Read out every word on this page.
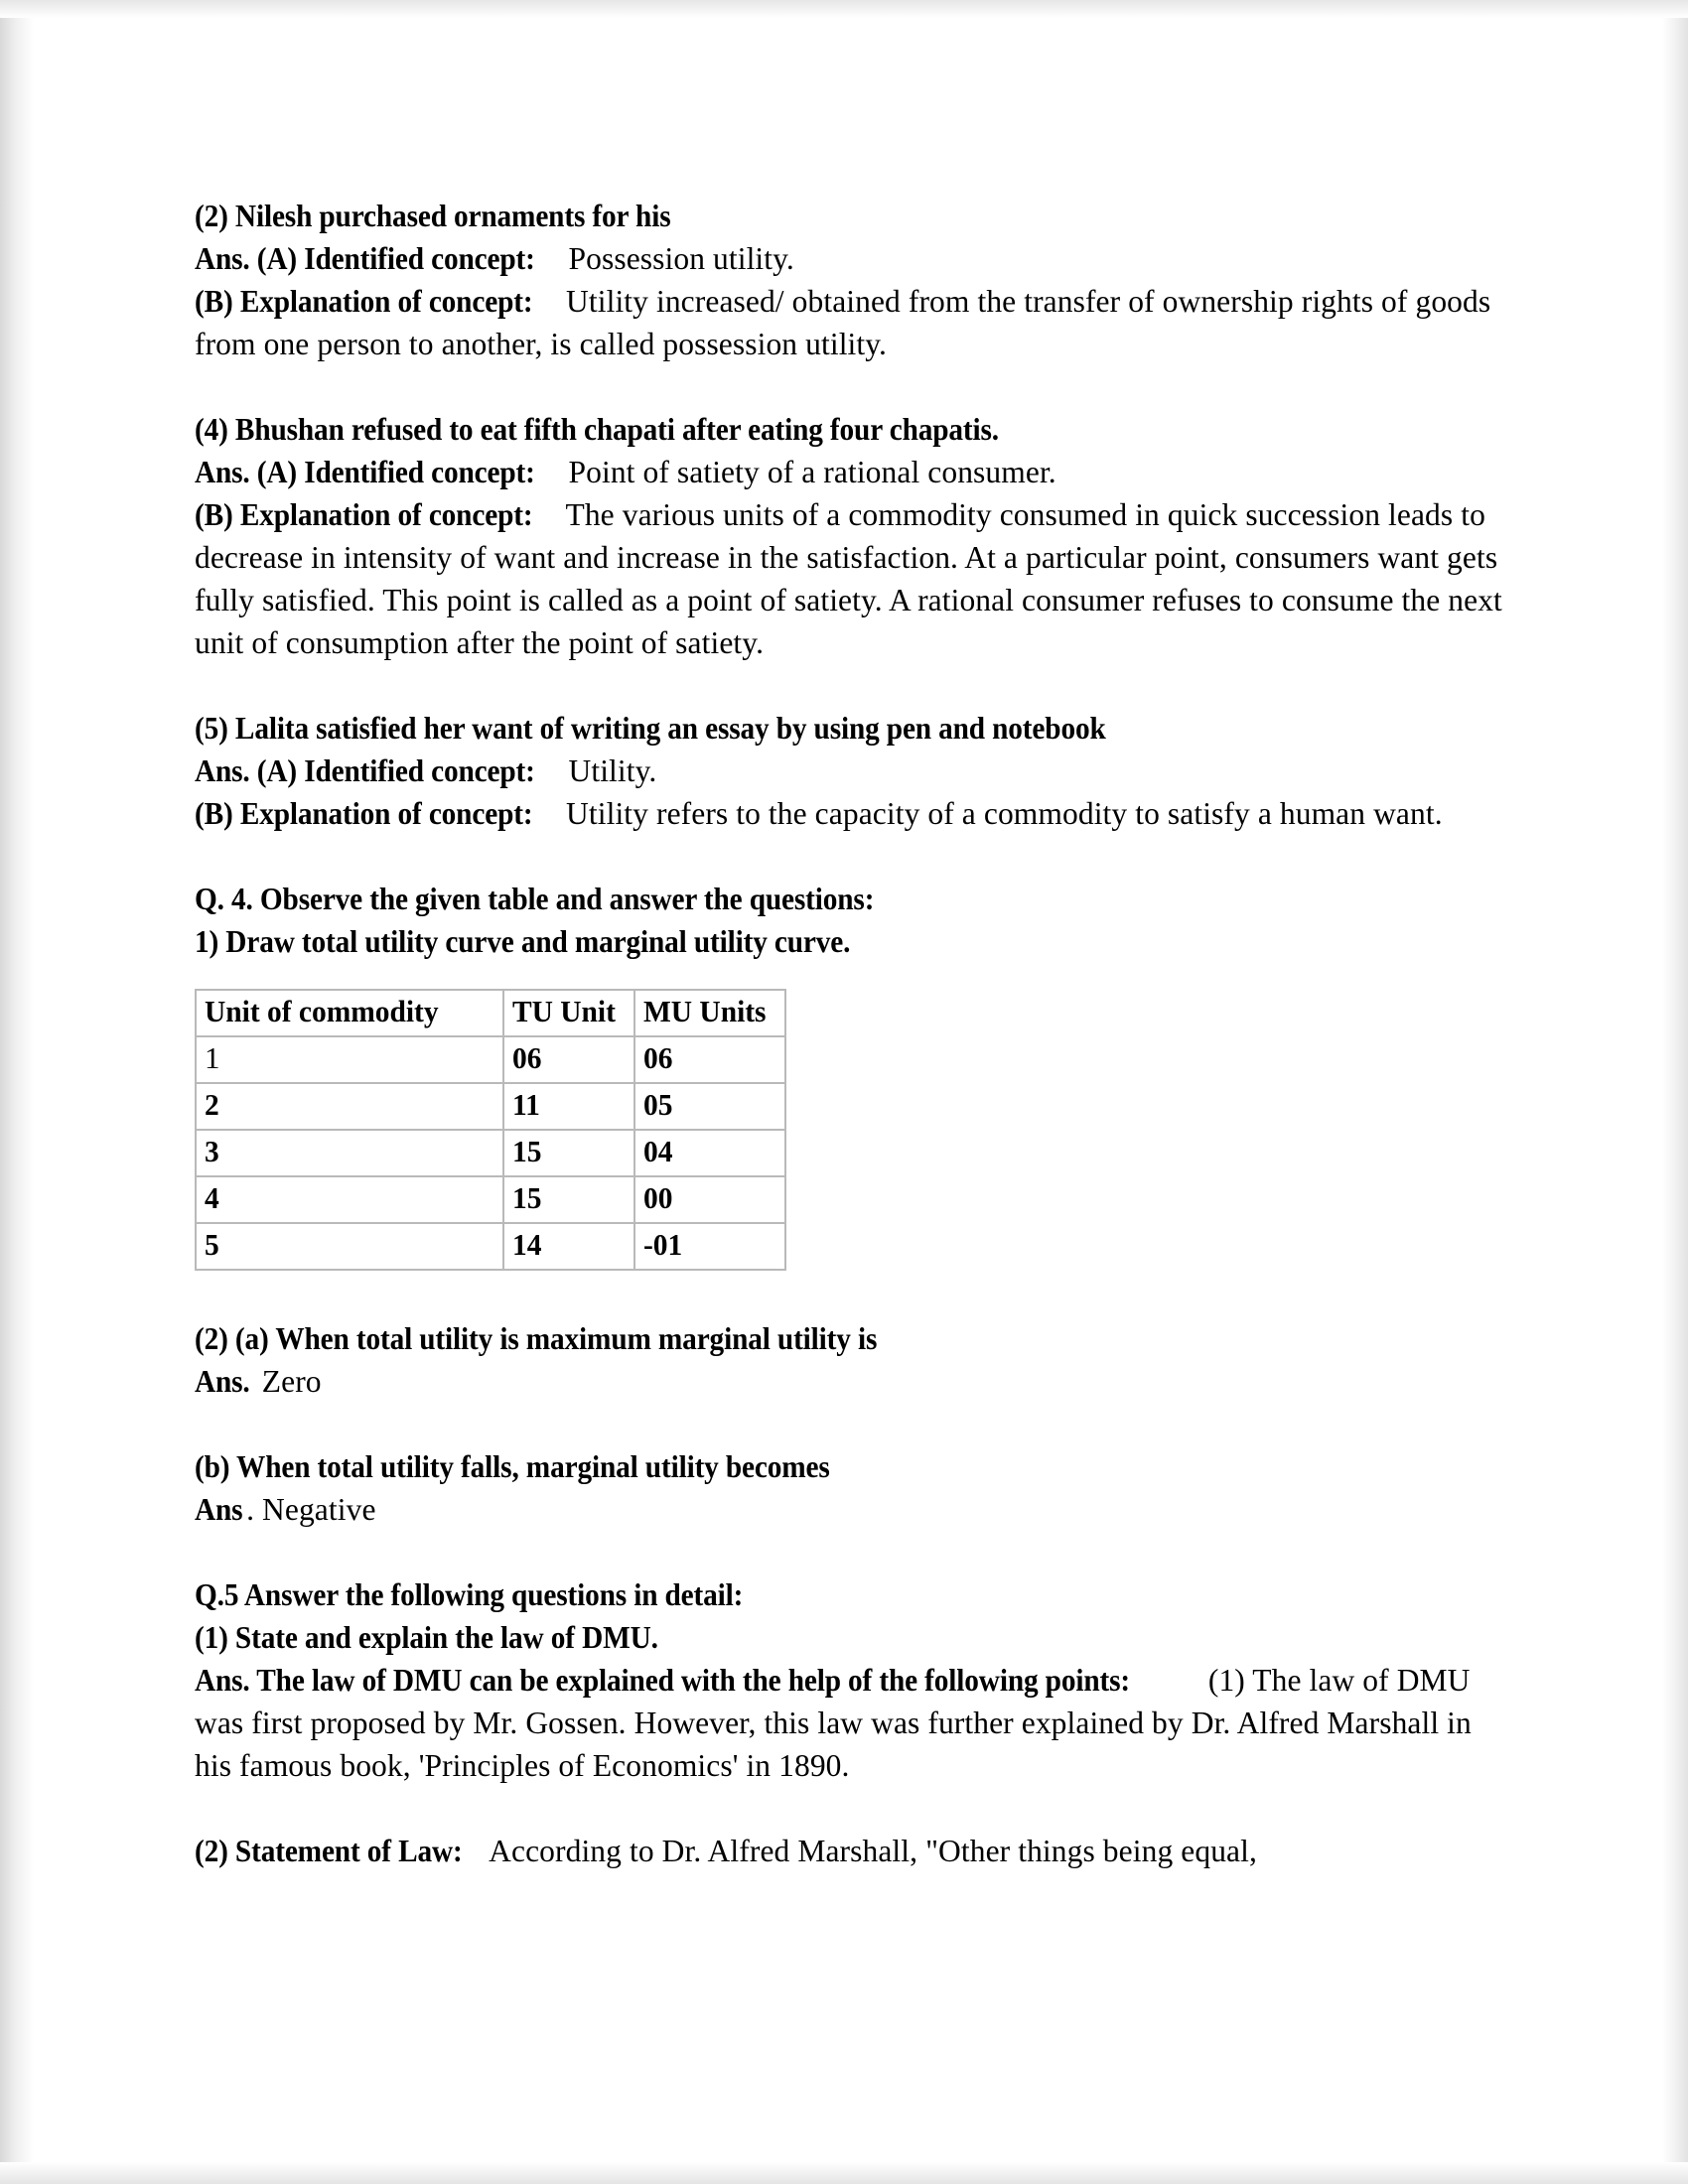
(2) Nilesh purchased ornaments for his

Ans. (A) Identified concept: Possession utility.

(B) Explanation of concept: Utility increased/ obtained from the transfer of ownership rights of goods from one person to another, is called possession utility.

(4) Bhushan refused to eat fifth chapati after eating four chapatis.

Ans. (A) Identified concept: Point of satiety of a rational consumer.

(B) Explanation of concept: The various units of a commodity consumed in quick succession leads to decrease in intensity of want and increase in the satisfaction. At a particular point, consumers want gets fully satisfied. This point is called as a point of satiety. A rational consumer refuses to consume the next unit of consumption after the point of satiety.

(5) Lalita satisfied her want of writing an essay by using pen and notebook

Ans. (A) Identified concept: Utility.

(B) Explanation of concept: Utility refers to the capacity of a commodity to satisfy a human want.

Q. 4. Observe the given table and answer the questions:

1) Draw total utility curve and marginal utility curve.

Unit of commodity	TU Unit	MU Units
1	06	06
2	11	05
3	15	04
4	15	00
5	14	-01

(2) (a) When total utility is maximum marginal utility is

Ans. Zero

(b) When total utility falls, marginal utility becomes

Ans . Negative

Q.5 Answer the following questions in detail:

(1) State and explain the law of DMU.

Ans. The law of DMU can be explained with the help of the following points: (1) The law of DMU was first proposed by Mr. Gossen. However, this law was further explained by Dr. Alfred Marshall in his famous book, 'Principles of Economics' in 1890.

(2) Statement of Law: According to Dr. Alfred Marshall, "Other things being equal,
